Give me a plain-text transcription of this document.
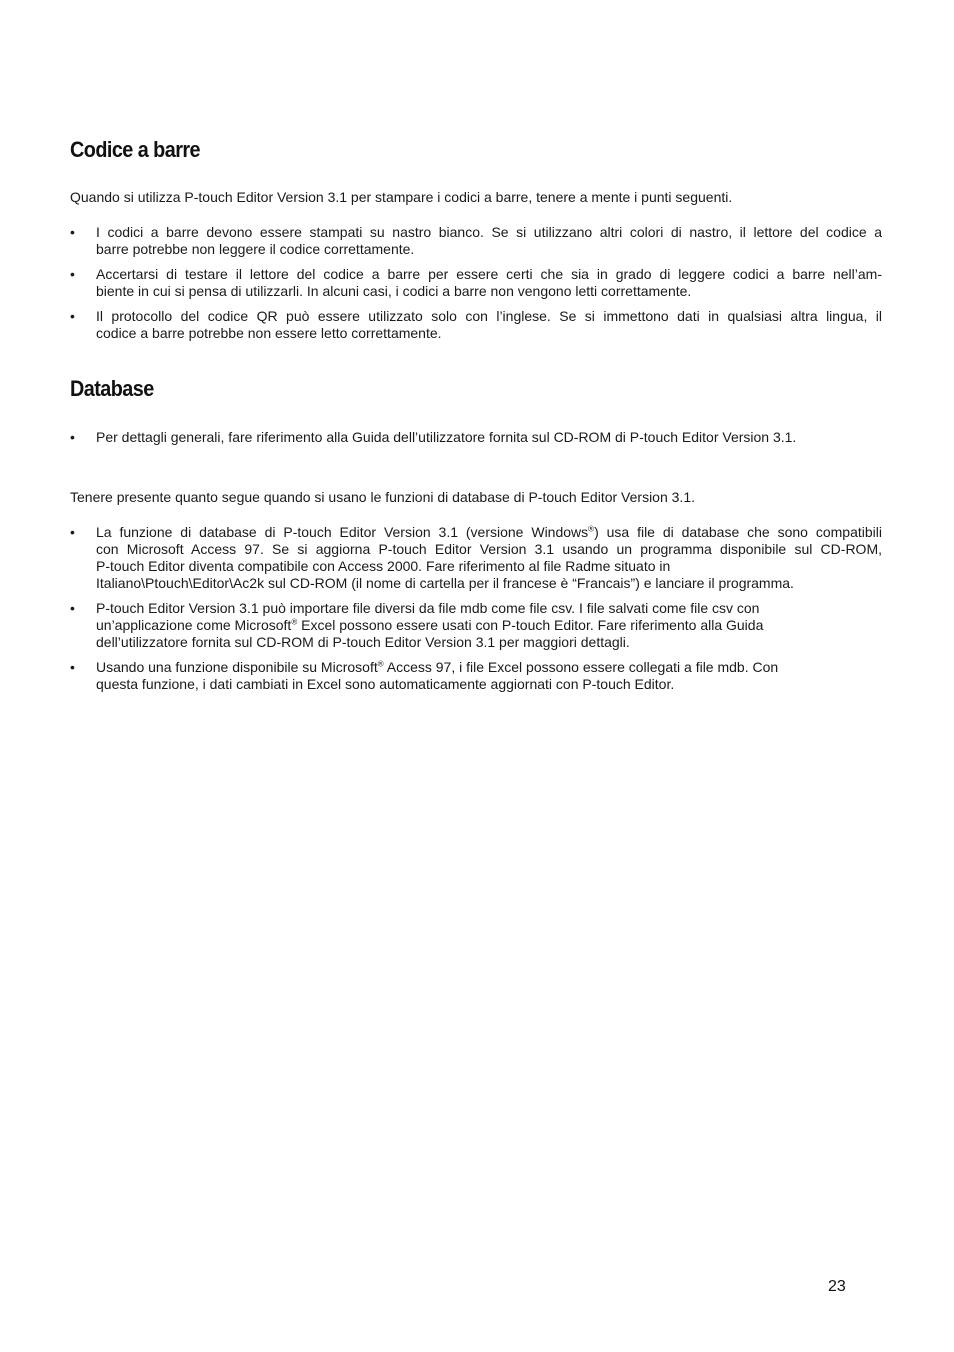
Codice a barre

Quando si utilizza P-touch Editor Version 3.1 per stampare i codici a barre, tenere a mente i punti seguenti.

• I codici a barre devono essere stampati su nastro bianco. Se si utilizzano altri colori di nastro, il lettore del codice a
barre potrebbe non leggere il codice correttamente.
• Accertarsi di testare il lettore del codice a barre per essere certi che sia in grado di leggere codici a barre nell’am-
biente in cui si pensa di utilizzarli. In alcuni casi, i codici a barre non vengono letti correttamente.
• Il protocollo del codice QR può essere utilizzato solo con l’inglese. Se si immettono dati in qualsiasi altra lingua, il
codice a barre potrebbe non essere letto correttamente.
Database
• Per dettagli generali, fare riferimento alla Guida dell’utilizzatore fornita sul CD-ROM di P-touch Editor Version 3.1.

Tenere presente quanto segue quando si usano le funzioni di database di P-touch Editor Version 3.1.

• La funzione di database di P-touch Editor Version 3.1 (versione Windows®) usa file di database che sono compatibili
con Microsoft Access 97. Se si aggiorna P-touch Editor Version 3.1 usando un programma disponibile sul CD-ROM,
P-touch Editor diventa compatibile con Access 2000. Fare riferimento al file Radme situato in
Italiano\Ptouch\Editor\Ac2k sul CD-ROM (il nome di cartella per il francese è “Francais”) e lanciare il programma.
• P-touch Editor Version 3.1 può importare file diversi da file mdb come file csv. I file salvati come file csv con
un’applicazione come Microsoft® Excel possono essere usati con P-touch Editor. Fare riferimento alla Guida
dell’utilizzatore fornita sul CD-ROM di P-touch Editor Version 3.1 per maggiori dettagli.
• Usando una funzione disponibile su Microsoft® Access 97, i file Excel possono essere collegati a file mdb. Con
questa funzione, i dati cambiati in Excel sono automaticamente aggiornati con P-touch Editor.
23
